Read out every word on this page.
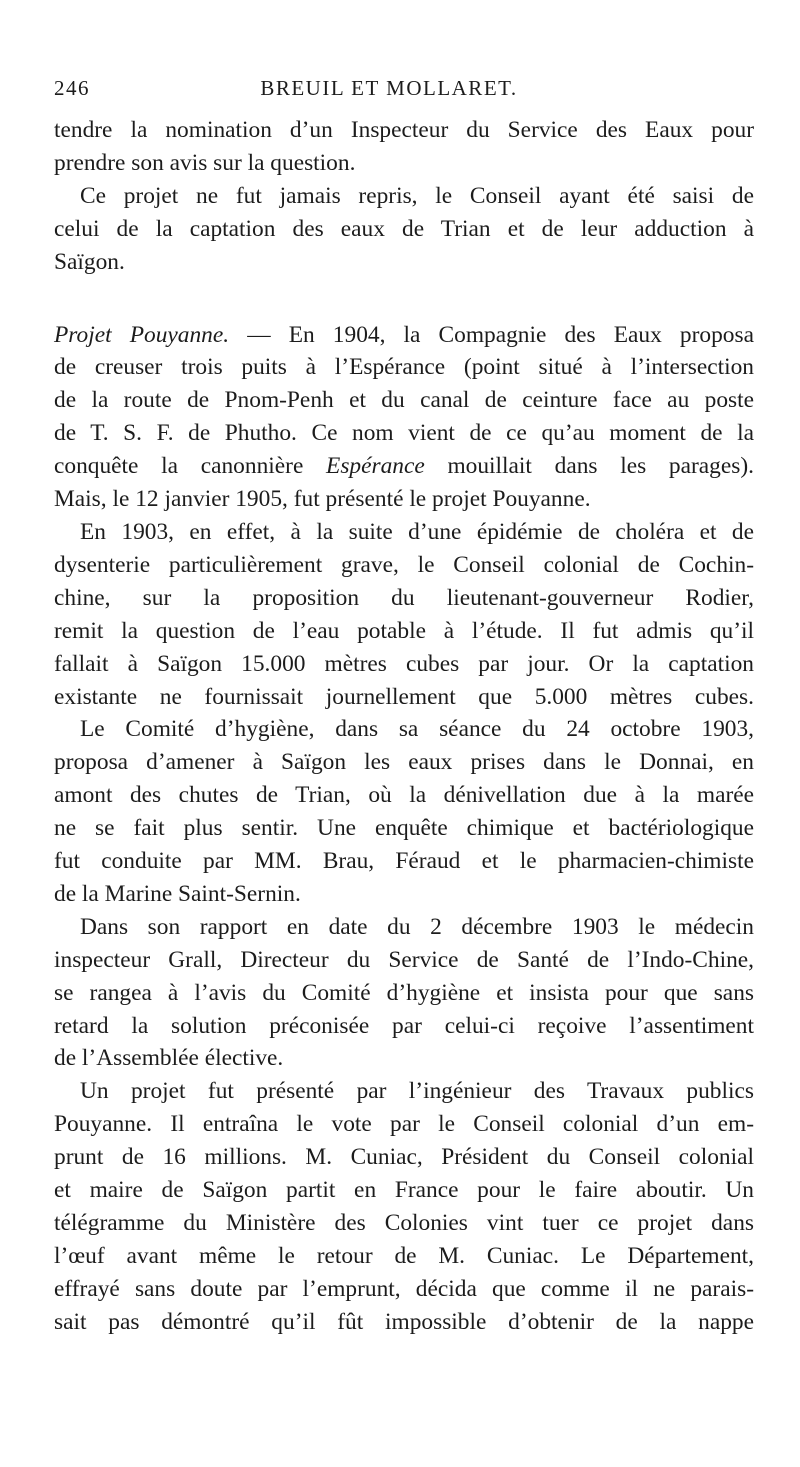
246	BREUIL ET MOLLARET.

tendre la nomination d’un Inspecteur du Service des Eaux pour

prendre son avis sur la question.

Ce projet ne fut jamais repris, le Conseil ayant été saisi de

celui de la captation des eaux de Trian et de leur adduction à

Saïgon.

Projet Pouyanne. — En 1904, la Compagnie des Eaux proposa

de creuser trois puits à l’Espérance (point situé à l’intersection

de la route de Pnom-Penh et du canal de ceinture face au poste

de T. S. F. de Phutho. Ce nom vient de ce qu’au moment de la

conquête la canonnière Espérance mouillait dans les parages).

Mais, le 12 janvier 1905, fut présenté le projet Pouyanne.

En 1903, en effet, à la suite d’une épidémie de choléra et de

dysenterie particulièrement grave, le Conseil colonial de Cochin-

chine, sur la proposition du lieutenant-gouverneur Rodier,

remit la question de l’eau potable à l’étude. Il fut admis qu’il

fallait à Saïgon 15.000 mètres cubes par jour. Or la captation

existante ne fournissait journellement que 5.000 mètres cubes.

Le Comité d’hygiène, dans sa séance du 24 octobre 1903,

proposa d’amener à Saïgon les eaux prises dans le Donnai, en

amont des chutes de Trian, où la dénivellation due à la marée

ne se fait plus sentir. Une enquête chimique et bactériologique

fut conduite par MM. Brau, Féraud et le pharmacien-chimiste

de la Marine Saint-Sernin.

Dans son rapport en date du 2 décembre 1903 le médecin

inspecteur Grall, Directeur du Service de Santé de l’Indo-Chine,

se rangea à l’avis du Comité d’hygiène et insista pour que sans

retard la solution préconisée par celui-ci reçoive l’assentiment

de l’Assemblée élective.

Un projet fut présenté par l’ingénieur des Travaux publics

Pouyanne. Il entraîna le vote par le Conseil colonial d’un em-

prunt de 16 millions. M. Cuniac, Président du Conseil colonial

et maire de Saïgon partit en France pour le faire aboutir. Un

télégramme du Ministère des Colonies vint tuer ce projet dans

l’œuf avant même le retour de M. Cuniac. Le Département,

effrayé sans doute par l’emprunt, décida que comme il ne parais-

sait pas démontré qu’il fût impossible d’obtenir de la nappe
